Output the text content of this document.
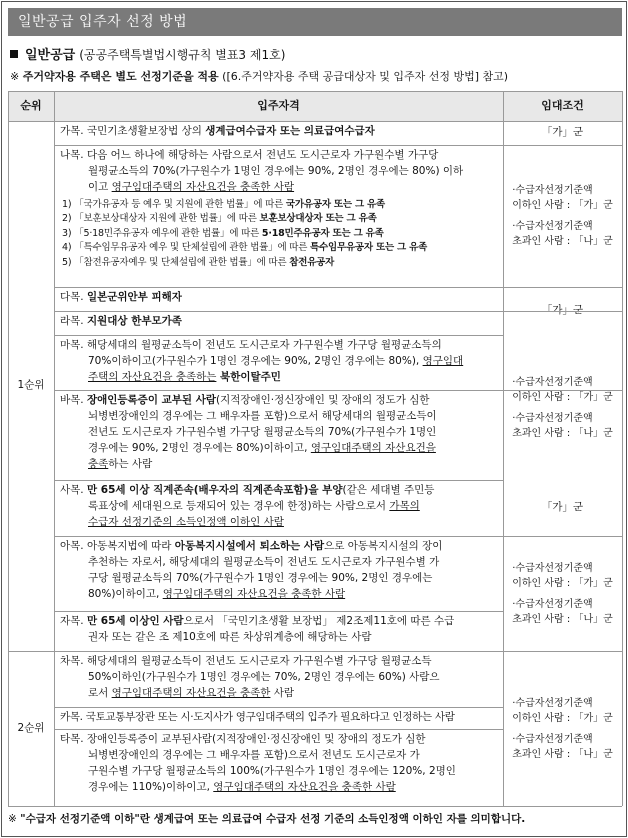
일반공급 입주자 선정 방법
일반공급 (공공주택특별법시행규칙 별표3 제1호)
※ 주거약자용 주택은 별도 선정기준을 적용 ([6.주거약자용 주택 공급대상자 및 입주자 선정 방법] 참고)
순위	입주자격	임대조건
1순위
2순위
가목. 국민기초생활보장법 상의 생계급여수급자 또는 의료급여수급자
나목. 다음 어느 하나에 해당하는 사람으로서 전년도 도시근로자 가구원수별 가구당
월평균소득의 70%(가구원수가 1명인 경우에는 90%, 2명인 경우에는 80%) 이하
이고 영구임대주택의 자산요건을 충족한 사람
1) 「국가유공자 등 예우 및 지원에 관한 법률」에 따른 국가유공자 또는 그 유족
2) 「보훈보상대상자 지원에 관한 법률」에 따른 보훈보상대상자 또는 그 유족
3) 「5·18민주유공자 예우에 관한 법률」에 따른 5·18민주유공자 또는 그 유족
4) 「특수임무유공자 예우 및 단체설립에 관한 법률」에 따른 특수임무유공자 또는 그 유족
5) 「참전유공자예우 및 단체설립에 관한 법률」에 따른 참전유공자
다목. 일본군위안부 피해자
라목. 지원대상 한부모가족
마목. 해당세대의 월평균소득이 전년도 도시근로자 가구원수별 가구당 월평균소득의
70%이하이고(가구원수가 1명인 경우에는 90%, 2명인 경우에는 80%), 영구임대
주택의 자산요건을 충족하는 북한이탈주민
바목. 장애인등록증이 교부된 사람(지적장애인·정신장애인 및 장애의 정도가 심한
뇌병변장애인의 경우에는 그 배우자를 포함)으로서 해당세대의 월평균소득이
전년도 도시근로자 가구원수별 가구당 월평균소득의 70%(가구원수가 1명인
경우에는 90%, 2명인 경우에는 80%)이하이고, 영구임대주택의 자산요건을
충족하는 사람
사목. 만 65세 이상 직계존속(배우자의 직계존속포함)을 부양(같은 세대별 주민등
록표상에 세대원으로 등재되어 있는 경우에 한정)하는 사람으로서 가목의
수급자 선정기준의 소득인정액 이하인 사람
아목. 아동복지법에 따라 아동복지시설에서 퇴소하는 사람으로 아동복지시설의 장이
추천하는 자로서, 해당세대의 월평균소득이 전년도 도시근로자 가구원수별 가
구당 월평균소득의 70%(가구원수가 1명인 경우에는 90%, 2명인 경우에는
80%)이하이고, 영구임대주택의 자산요건을 충족한 사람
자목. 만 65세 이상인 사람으로서 「국민기초생활 보장법」 제2조제11호에 따른 수급
권자 또는 같은 조 제10호에 따른 차상위계층에 해당하는 사람
차목. 해당세대의 월평균소득이 전년도 도시근로자 가구원수별 가구당 월평균소득
50%이하인(가구원수가 1명인 경우에는 70%, 2명인 경우에는 60%) 사람으
로서 영구임대주택의 자산요건을 충족한 사람
카목. 국토교통부장관 또는 시·도지사가 영구임대주택의 입주가 필요하다고 인정하는 사람
타목. 장애인등록증이 교부된사람(지적장애인·정신장애인 및 장애의 정도가 심한
뇌병변장애인의 경우에는 그 배우자를 포함)으로서 전년도 도시근로자 가
구원수별 가구당 월평균소득의 100%(가구원수가 1명인 경우에는 120%, 2명인
경우에는 110%)이하이고, 영구임대주택의 자산요건을 충족한 사람
「가」군
·수급자선정기준액
이하인 사람 : 「가」군
·수급자선정기준액
초과인 사람 : 「나」군
「가」군
·수급자선정기준액
이하인 사람 : 「가」군
·수급자선정기준액
초과인 사람 : 「나」군
「가」군
·수급자선정기준액
이하인 사람 : 「가」군
·수급자선정기준액
초과인 사람 : 「나」군
·수급자선정기준액
이하인 사람 : 「가」군
·수급자선정기준액
초과인 사람 : 「나」군
※ "수급자 선정기준액 이하"란 생계급여 또는 의료급여 수급자 선정 기준의 소득인정액 이하인 자를 의미합니다.
